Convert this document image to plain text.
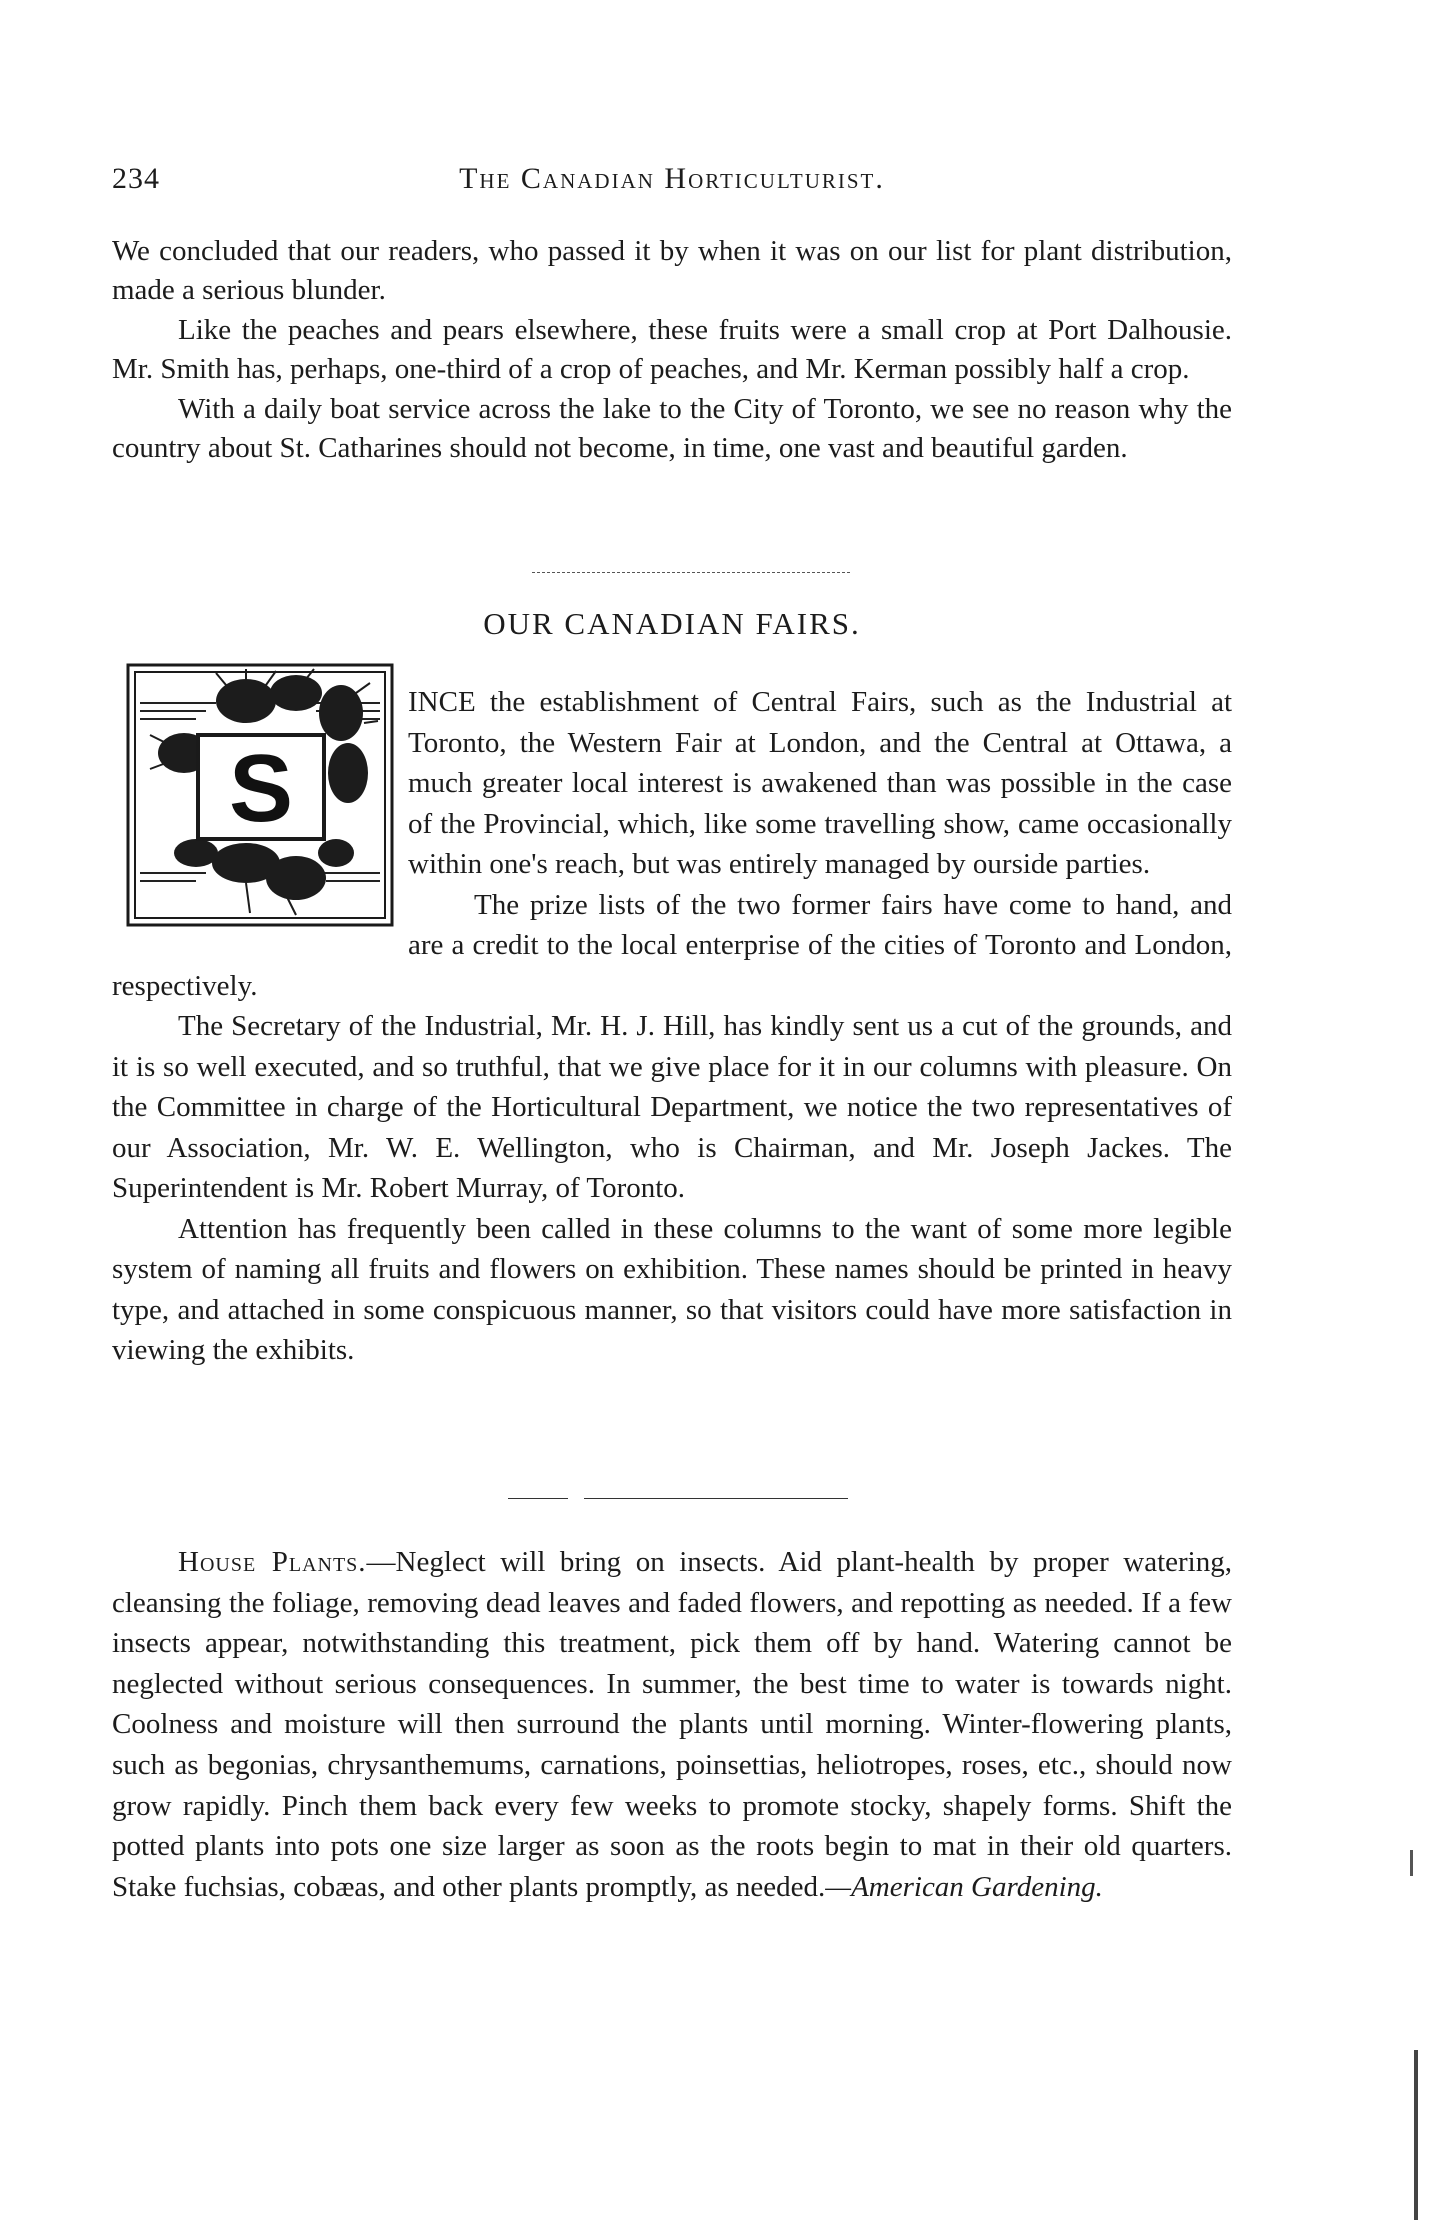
234	The Canadian Horticulturist.

We concluded that our readers, who passed it by when it was on our list for plant distribution, made a serious blunder.

Like the peaches and pears elsewhere, these fruits were a small crop at Port Dalhousie. Mr. Smith has, perhaps, one-third of a crop of peaches, and Mr. Kerman possibly half a crop.

With a daily boat service across the lake to the City of Toronto, we see no reason why the country about St. Catharines should not become, in time, one vast and beautiful garden.

OUR CANADIAN FAIRS.
S

INCE the establishment of Central Fairs, such as the Industrial at Toronto, the Western Fair at London, and the Central at Ottawa, a much greater local interest is awakened than was possible in the case of the Provincial, which, like some travelling show, came occasionally within one's reach, but was entirely managed by ourside parties.

The prize lists of the two former fairs have come to hand, and are a credit to the local enterprise of the cities of Toronto and London, respectively.

The Secretary of the Industrial, Mr. H. J. Hill, has kindly sent us a cut of the grounds, and it is so well executed, and so truthful, that we give place for it in our columns with pleasure. On the Committee in charge of the Horticultural Department, we notice the two representatives of our Association, Mr. W. E. Wellington, who is Chairman, and Mr. Joseph Jackes. The Superintendent is Mr. Robert Murray, of Toronto.

Attention has frequently been called in these columns to the want of some more legible system of naming all fruits and flowers on exhibition. These names should be printed in heavy type, and attached in some conspicuous manner, so that visitors could have more satisfaction in viewing the exhibits.

House Plants.—Neglect will bring on insects. Aid plant-health by proper watering, cleansing the foliage, removing dead leaves and faded flowers, and repotting as needed. If a few insects appear, notwithstanding this treatment, pick them off by hand. Watering cannot be neglected without serious consequences. In summer, the best time to water is towards night. Coolness and moisture will then surround the plants until morning. Winter-flowering plants, such as begonias, chrysanthemums, carnations, poinsettias, heliotropes, roses, etc., should now grow rapidly. Pinch them back every few weeks to promote stocky, shapely forms. Shift the potted plants into pots one size larger as soon as the roots begin to mat in their old quarters. Stake fuchsias, cobæas, and other plants promptly, as needed.—American Gardening.
